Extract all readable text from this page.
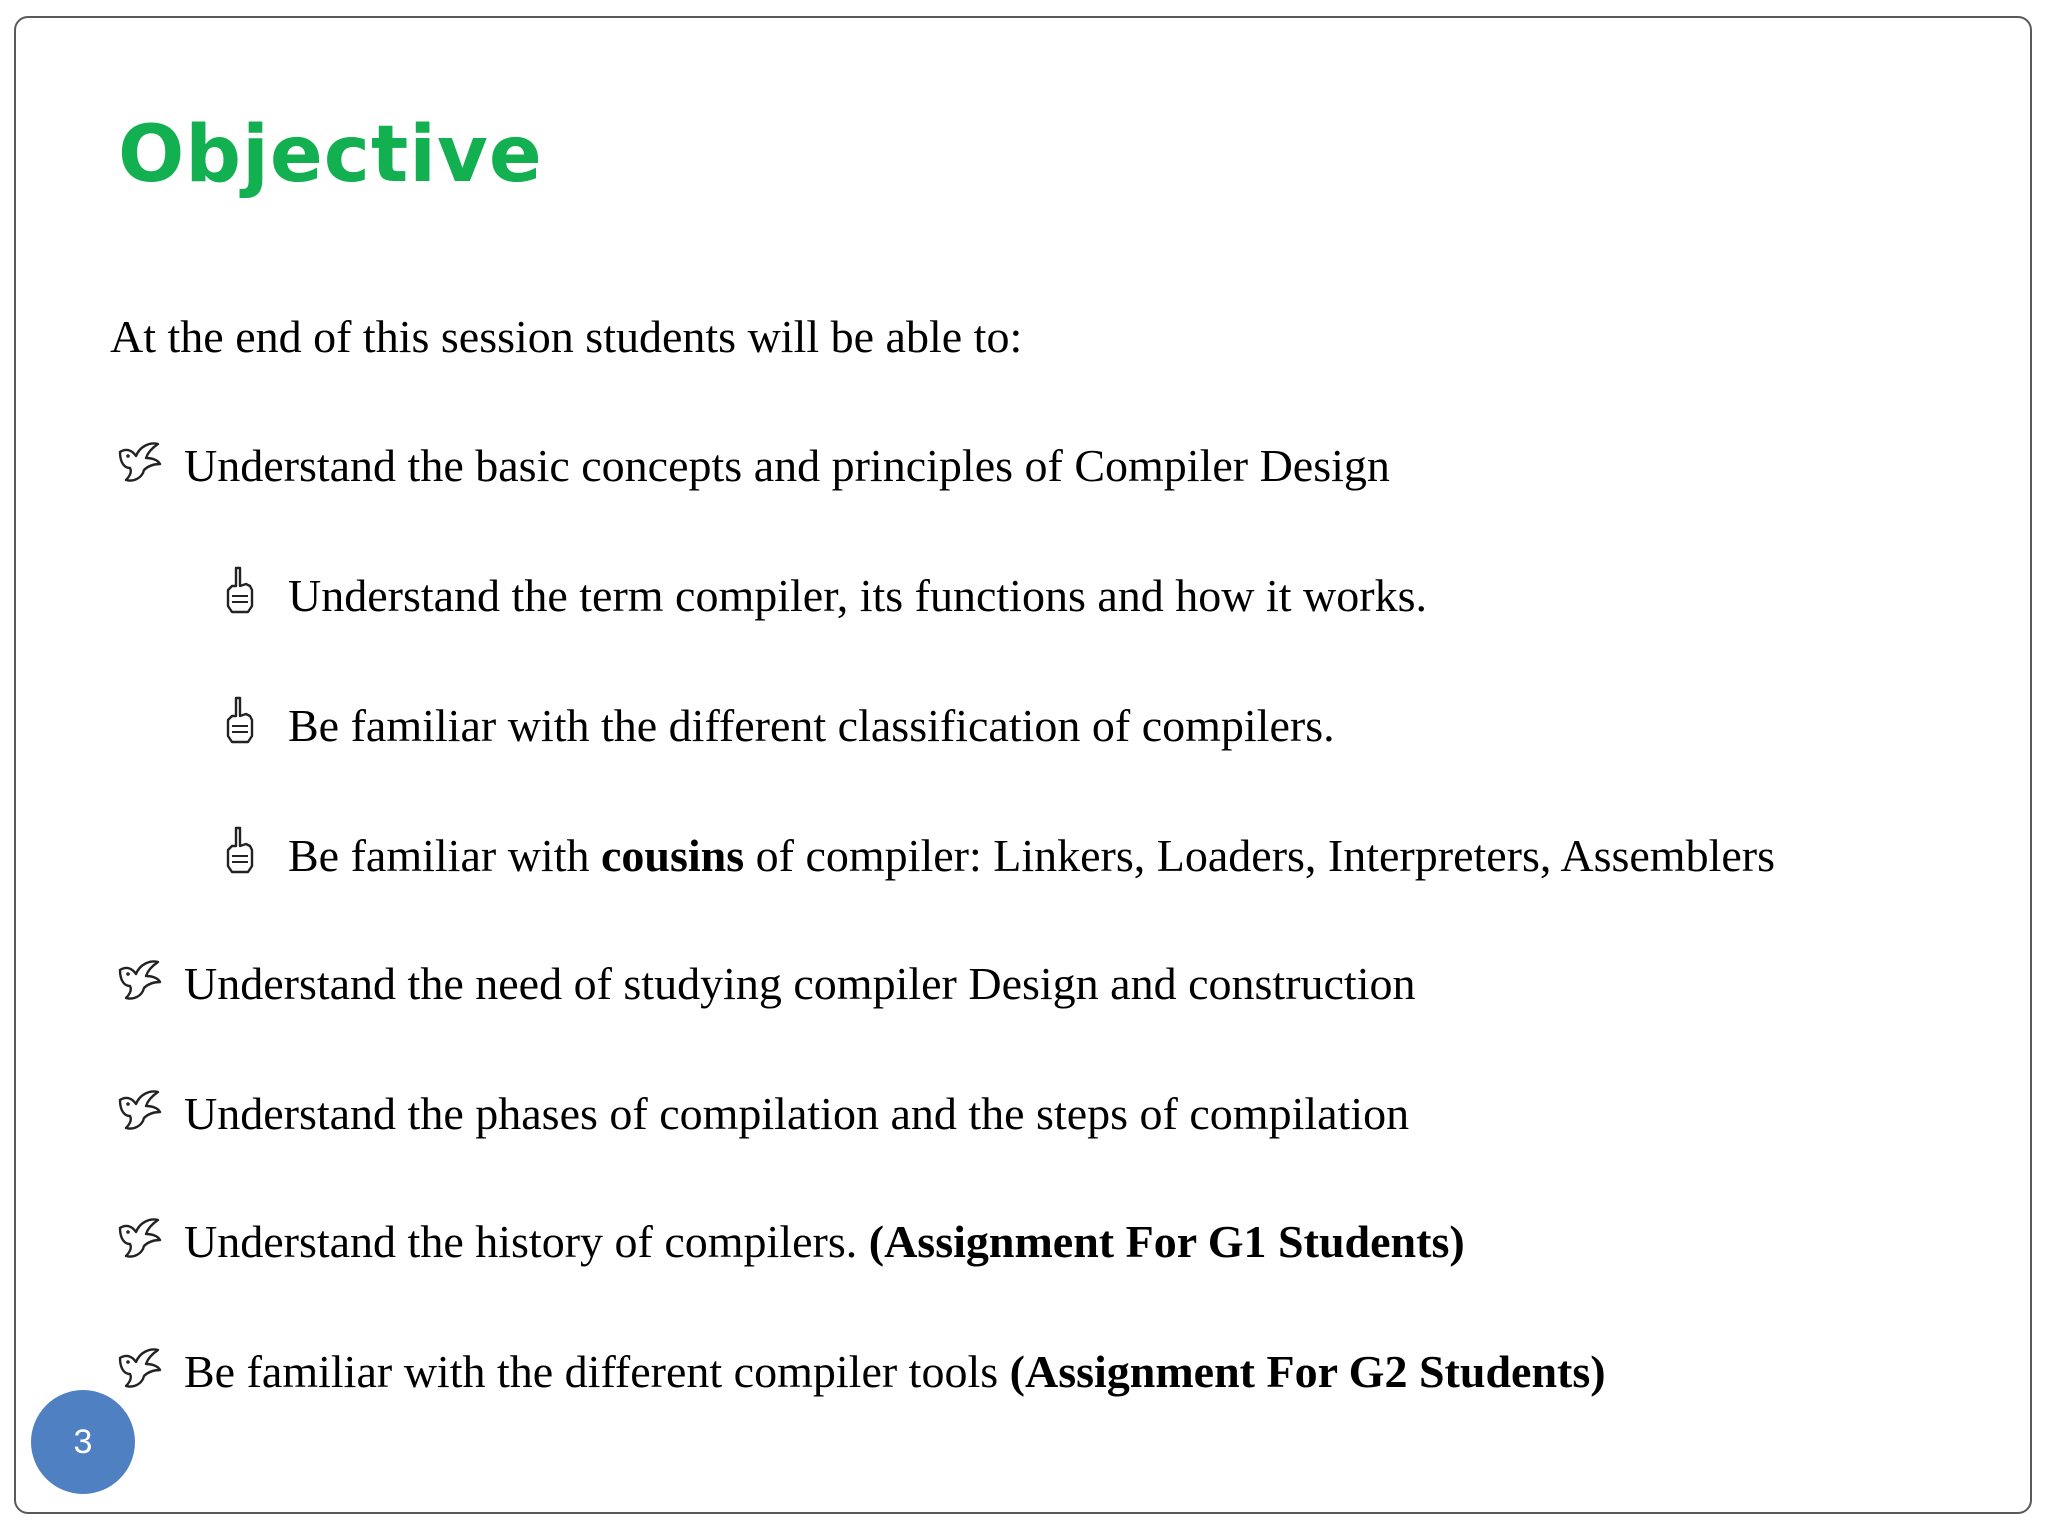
Objective
At the end of this session students will be able to:
Understand the basic concepts and principles of Compiler Design
Understand the term compiler, its functions and how it works.
Be familiar with the different classification of compilers.
Be familiar with cousins of compiler: Linkers, Loaders, Interpreters, Assemblers
Understand the need of studying compiler Design and construction
Understand the phases of compilation and the steps of compilation
Understand the history of compilers. (Assignment For G1 Students)
Be familiar with the different compiler tools (Assignment For G2 Students)
3
